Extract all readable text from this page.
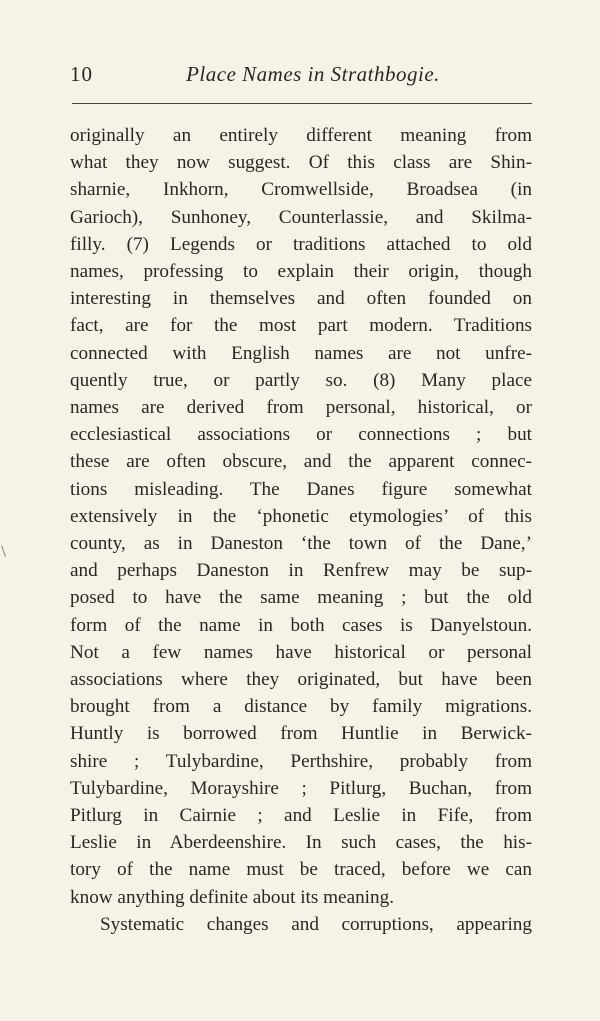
10	Place Names in Strathbogie.
originally an entirely different meaning from
what they now suggest. Of this class are Shin-
sharnie, Inkhorn, Cromwellside, Broadsea (in
Garioch), Sunhoney, Counterlassie, and Skilma-
filly. (7) Legends or traditions attached to old
names, professing to explain their origin, though
interesting in themselves and often founded on
fact, are for the most part modern. Traditions
connected with English names are not unfre-
quently true, or partly so. (8) Many place
names are derived from personal, historical, or
ecclesiastical associations or connections ; but
these are often obscure, and the apparent connec-
tions misleading. The Danes figure somewhat
extensively in the ‘phonetic etymologies’ of this
county, as in Daneston ‘the town of the Dane,’
and perhaps Daneston in Renfrew may be sup-
posed to have the same meaning ; but the old
form of the name in both cases is Danyelstoun.
Not a few names have historical or personal
associations where they originated, but have been
brought from a distance by family migrations.
Huntly is borrowed from Huntlie in Berwick-
shire ; Tulybardine, Perthshire, probably from
Tulybardine, Morayshire ; Pitlurg, Buchan, from
Pitlurg in Cairnie ; and Leslie in Fife, from
Leslie in Aberdeenshire. In such cases, the his-
tory of the name must be traced, before we can
know anything definite about its meaning.
Systematic changes and corruptions, appearing
